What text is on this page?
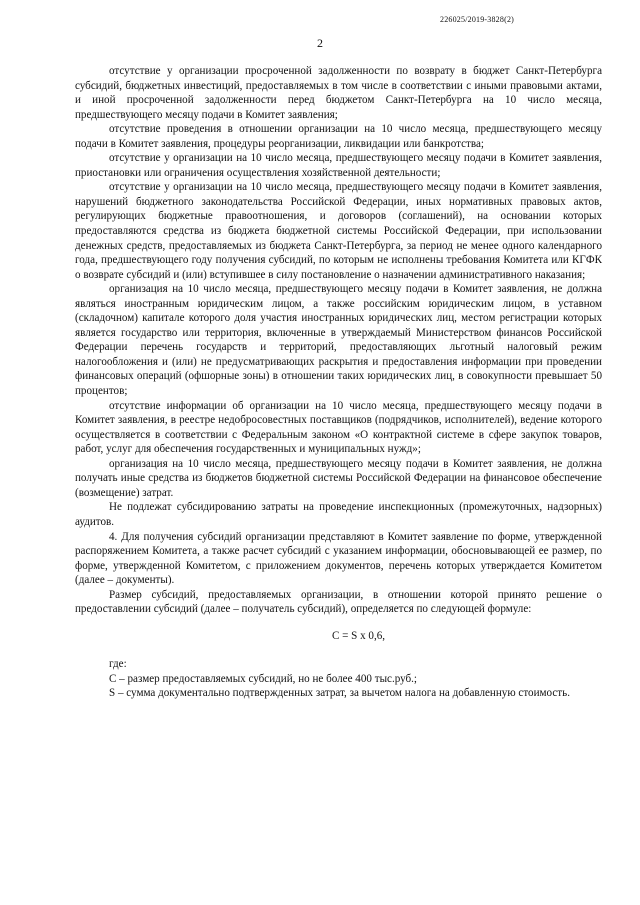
226025/2019-3828(2)
2

отсутствие у организации просроченной задолженности по возврату в бюджет Санкт-Петербурга субсидий, бюджетных инвестиций, предоставляемых в том числе в соответствии с иными правовыми актами, и иной просроченной задолженности перед бюджетом Санкт-Петербурга на 10 число месяца, предшествующего месяцу подачи в Комитет заявления;

отсутствие проведения в отношении организации на 10 число месяца, предшествующего месяцу подачи в Комитет заявления, процедуры реорганизации, ликвидации или банкротства;

отсутствие у организации на 10 число месяца, предшествующего месяцу подачи в Комитет заявления, приостановки или ограничения осуществления хозяйственной деятельности;

отсутствие у организации на 10 число месяца, предшествующего месяцу подачи в Комитет заявления, нарушений бюджетного законодательства Российской Федерации, иных нормативных правовых актов, регулирующих бюджетные правоотношения, и договоров (соглашений), на основании которых предоставляются средства из бюджета бюджетной системы Российской Федерации, при использовании денежных средств, предоставляемых из бюджета Санкт-Петербурга, за период не менее одного календарного года, предшествующего году получения субсидий, по которым не исполнены требования Комитета или КГФК о возврате субсидий и (или) вступившее в силу постановление о назначении административного наказания;

организация на 10 число месяца, предшествующего месяцу подачи в Комитет заявления, не должна являться иностранным юридическим лицом, а также российским юридическим лицом, в уставном (складочном) капитале которого доля участия иностранных юридических лиц, местом регистрации которых является государство или территория, включенные в утверждаемый Министерством финансов Российской Федерации перечень государств и территорий, предоставляющих льготный налоговый режим налогообложения и (или) не предусматривающих раскрытия и предоставления информации при проведении финансовых операций (офшорные зоны) в отношении таких юридических лиц, в совокупности превышает 50 процентов;

отсутствие информации об организации на 10 число месяца, предшествующего месяцу подачи в Комитет заявления, в реестре недобросовестных поставщиков (подрядчиков, исполнителей), ведение которого осуществляется в соответствии с Федеральным законом «О контрактной системе в сфере закупок товаров, работ, услуг для обеспечения государственных и муниципальных нужд»;

организация на 10 число месяца, предшествующего месяцу подачи в Комитет заявления, не должна получать иные средства из бюджетов бюджетной системы Российской Федерации на финансовое обеспечение (возмещение) затрат.

Не подлежат субсидированию затраты на проведение инспекционных (промежуточных, надзорных) аудитов.

4. Для получения субсидий организации представляют в Комитет заявление по форме, утвержденной распоряжением Комитета, а также расчет субсидий с указанием информации, обосновывающей ее размер, по форме, утвержденной Комитетом, с приложением документов, перечень которых утверждается Комитетом (далее – документы).

Размер субсидий, предоставляемых организации, в отношении которой принято решение о предоставлении субсидий (далее – получатель субсидий), определяется по следующей формуле:

C = S x 0,6,

где:

C – размер предоставляемых субсидий, но не более 400 тыс.руб.;

S – сумма документально подтвержденных затрат, за вычетом налога на добавленную стоимость.
